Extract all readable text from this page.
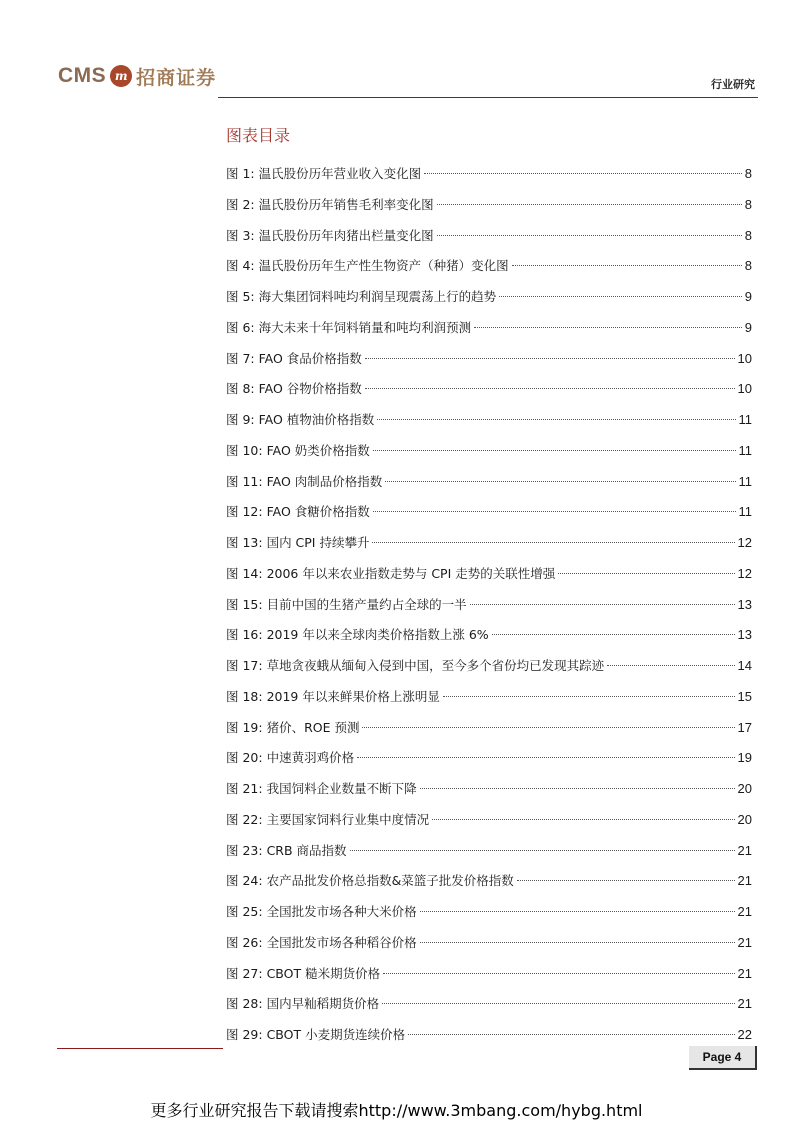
CMS m 招商证券	行业研究
图表目录
图 1: 温氏股份历年营业收入变化图	8
图 2: 温氏股份历年销售毛利率变化图	8
图 3: 温氏股份历年肉猪出栏量变化图	8
图 4: 温氏股份历年生产性生物资产（种猪）变化图	8
图 5: 海大集团饲料吨均利润呈现震荡上行的趋势	9
图 6: 海大未来十年饲料销量和吨均利润预测	9
图 7: FAO 食品价格指数	10
图 8: FAO 谷物价格指数	10
图 9: FAO 植物油价格指数	11
图 10: FAO 奶类价格指数	11
图 11: FAO 肉制品价格指数	11
图 12: FAO 食糖价格指数	11
图 13: 国内 CPI 持续攀升	12
图 14: 2006 年以来农业指数走势与 CPI 走势的关联性增强	12
图 15: 目前中国的生猪产量约占全球的一半	13
图 16: 2019 年以来全球肉类价格指数上涨 6%	13
图 17: 草地贪夜蛾从缅甸入侵到中国，至今多个省份均已发现其踪迹	14
图 18: 2019 年以来鲜果价格上涨明显	15
图 19: 猪价、ROE 预测	17
图 20: 中速黄羽鸡价格	19
图 21: 我国饲料企业数量不断下降	20
图 22: 主要国家饲料行业集中度情况	20
图 23: CRB 商品指数	21
图 24: 农产品批发价格总指数&菜篮子批发价格指数	21
图 25: 全国批发市场各种大米价格	21
图 26: 全国批发市场各种稻谷价格	21
图 27: CBOT 糙米期货价格	21
图 28: 国内早籼稻期货价格	21
图 29: CBOT 小麦期货连续价格	22
Page 4
更多行业研究报告下载请搜索http://www.3mbang.com/hybg.html
